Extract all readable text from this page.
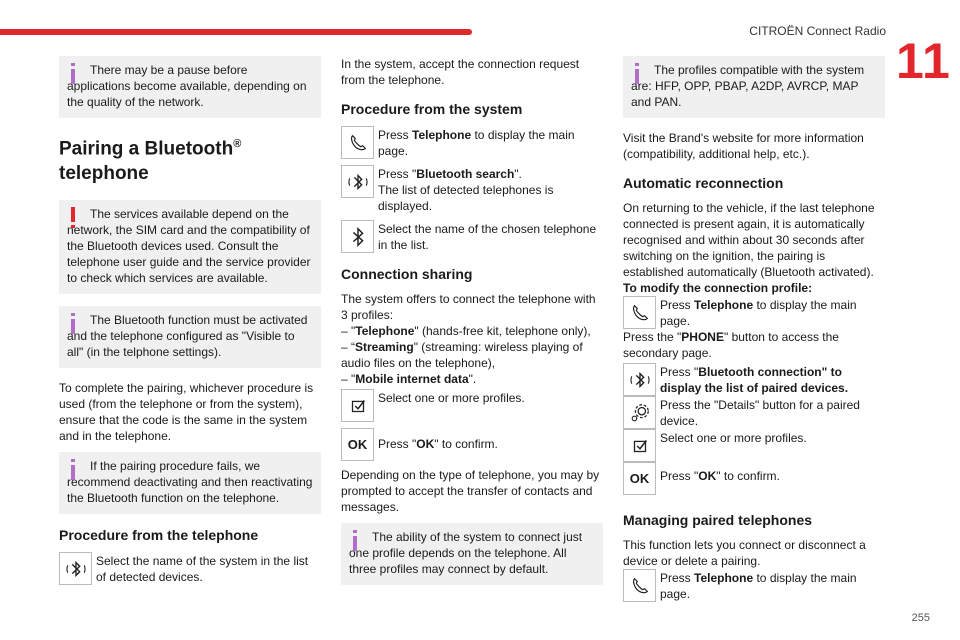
CITROËN Connect Radio
11
255
There may be a pause before applications become available, depending on the quality of the network.
Pairing a Bluetooth®
telephone
The services available depend on the network, the SIM card and the compatibility of the Bluetooth devices used. Consult the telephone user guide and the service provider to check which services are available.
The Bluetooth function must be activated and the telephone configured as "Visible to all" (in the telphone settings).

To complete the pairing, whichever procedure is used (from the telephone or from the system), ensure that the code is the same in the system and in the telephone.

If the pairing procedure fails, we recommend deactivating and then reactivating the Bluetooth function on the telephone.
Procedure from the telephone
Select the name of the system in the list of detected devices.

In the system, accept the connection request from the telephone.

Procedure from the system
Press Telephone to display the main page.
Press "Bluetooth search".
The list of detected telephones is displayed.
Select the name of the chosen telephone in the list.
Connection sharing

The system offers to connect the telephone with 3 profiles:

– "Telephone" (hands-free kit, telephone only),
– “Streaming" (streaming: wireless playing of audio files on the telephone),
– "Mobile internet data".
Select one or more profiles.
OK Press "OK" to confirm.

Depending on the type of telephone, you may by prompted to accept the transfer of contacts and messages.

The ability of the system to connect just one profile depends on the telephone. All three profiles may connect by default.
The profiles compatible with the system are: HFP, OPP, PBAP, A2DP, AVRCP, MAP and PAN.

Visit the Brand's website for more information (compatibility, additional help, etc.).

Automatic reconnection

On returning to the vehicle, if the last telephone connected is present again, it is automatically recognised and within about 30 seconds after switching on the ignition, the pairing is established automatically (Bluetooth activated).

To modify the connection profile:
Press Telephone to display the main page.
Press the "PHONE" button to access the secondary page.
Press "Bluetooth connection" to display the list of paired devices.
Press the "Details" button for a paired device.
Select one or more profiles.
OK Press "OK" to confirm.
Managing paired telephones

This function lets you connect or disconnect a device or delete a pairing.

Press Telephone to display the main page.
